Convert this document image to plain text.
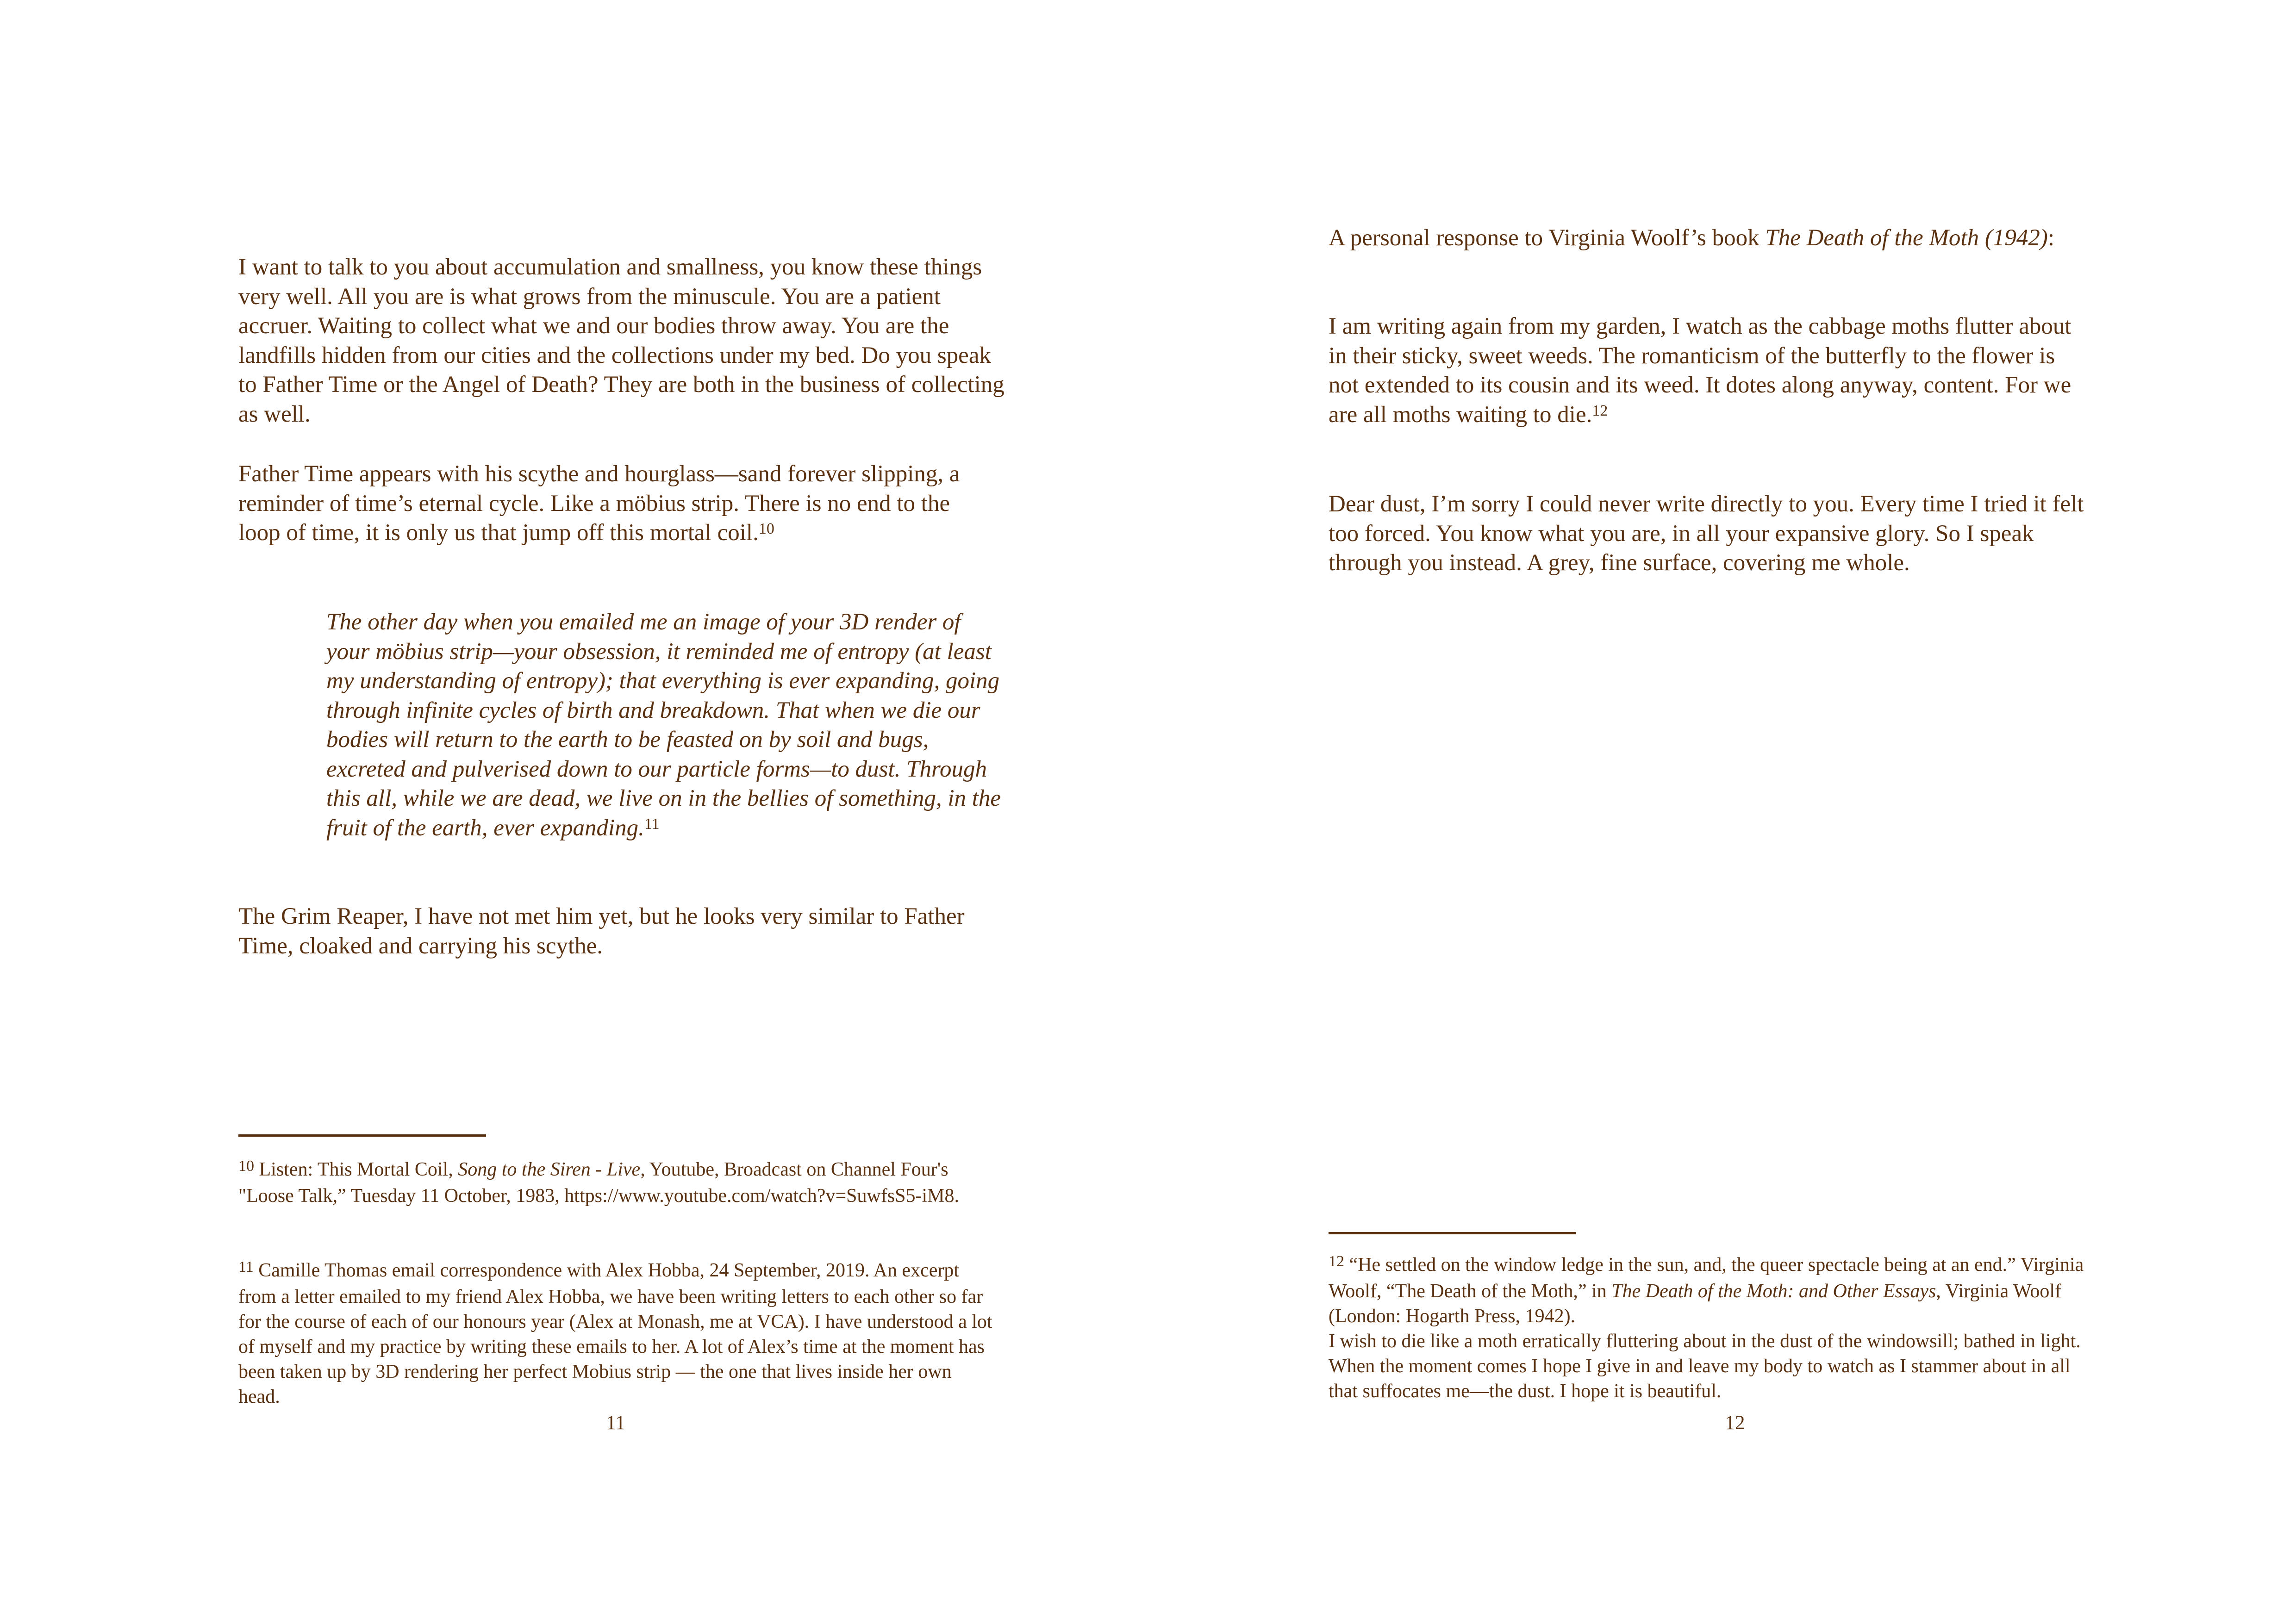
I want to talk to you about accumulation and smallness, you know these things very well. All you are is what grows from the minuscule. You are a patient accruer. Waiting to collect what we and our bodies throw away. You are the landfills hidden from our cities and the collections under my bed. Do you speak to Father Time or the Angel of Death? They are both in the business of collecting as well.

Father Time appears with his scythe and hourglass—sand forever slipping, a reminder of time’s eternal cycle. Like a möbius strip. There is no end to the loop of time, it is only us that jump off this mortal coil.$^{10}$

The other day when you emailed me an image of your 3D render of your möbius strip—your obsession, it reminded me of entropy (at least my understanding of entropy); that everything is ever expanding, going through infinite cycles of birth and breakdown. That when we die our bodies will return to the earth to be feasted on by soil and bugs, excreted and pulverised down to our particle forms—to dust. Through this all, while we are dead, we live on in the bellies of something, in the fruit of the earth, ever expanding.$^{11}$

The Grim Reaper, I have not met him yet, but he looks very similar to Father Time, cloaked and carrying his scythe.

$^{10}$ Listen: This Mortal Coil, Song to the Siren - Live, Youtube, Broadcast on Channel Four's "Loose Talk,” Tuesday 11 October, 1983, https://www.youtube.com/watch?v=SuwfsS5-iM8.

$^{11}$ Camille Thomas email correspondence with Alex Hobba, 24 September, 2019. An excerpt from a letter emailed to my friend Alex Hobba, we have been writing letters to each other so far for the course of each of our honours year (Alex at Monash, me at VCA). I have understood a lot of myself and my practice by writing these emails to her. A lot of Alex’s time at the moment has been taken up by 3D rendering her perfect Mobius strip — the one that lives inside her own head.

11

A personal response to Virginia Woolf’s book The Death of the Moth (1942):

I am writing again from my garden, I watch as the cabbage moths flutter about in their sticky, sweet weeds. The romanticism of the butterfly to the flower is not extended to its cousin and its weed. It dotes along anyway, content. For we are all moths waiting to die.$^{12}$

Dear dust, I’m sorry I could never write directly to you. Every time I tried it felt too forced. You know what you are, in all your expansive glory. So I speak through you instead. A grey, fine surface, covering me whole.

$^{12}$ “He settled on the window ledge in the sun, and, the queer spectacle being at an end.” Virginia Woolf, “The Death of the Moth,” in The Death of the Moth: and Other Essays, Virginia Woolf (London: Hogarth Press, 1942).
I wish to die like a moth erratically fluttering about in the dust of the windowsill; bathed in light. When the moment comes I hope I give in and leave my body to watch as I stammer about in all that suffocates me—the dust. I hope it is beautiful.

12
